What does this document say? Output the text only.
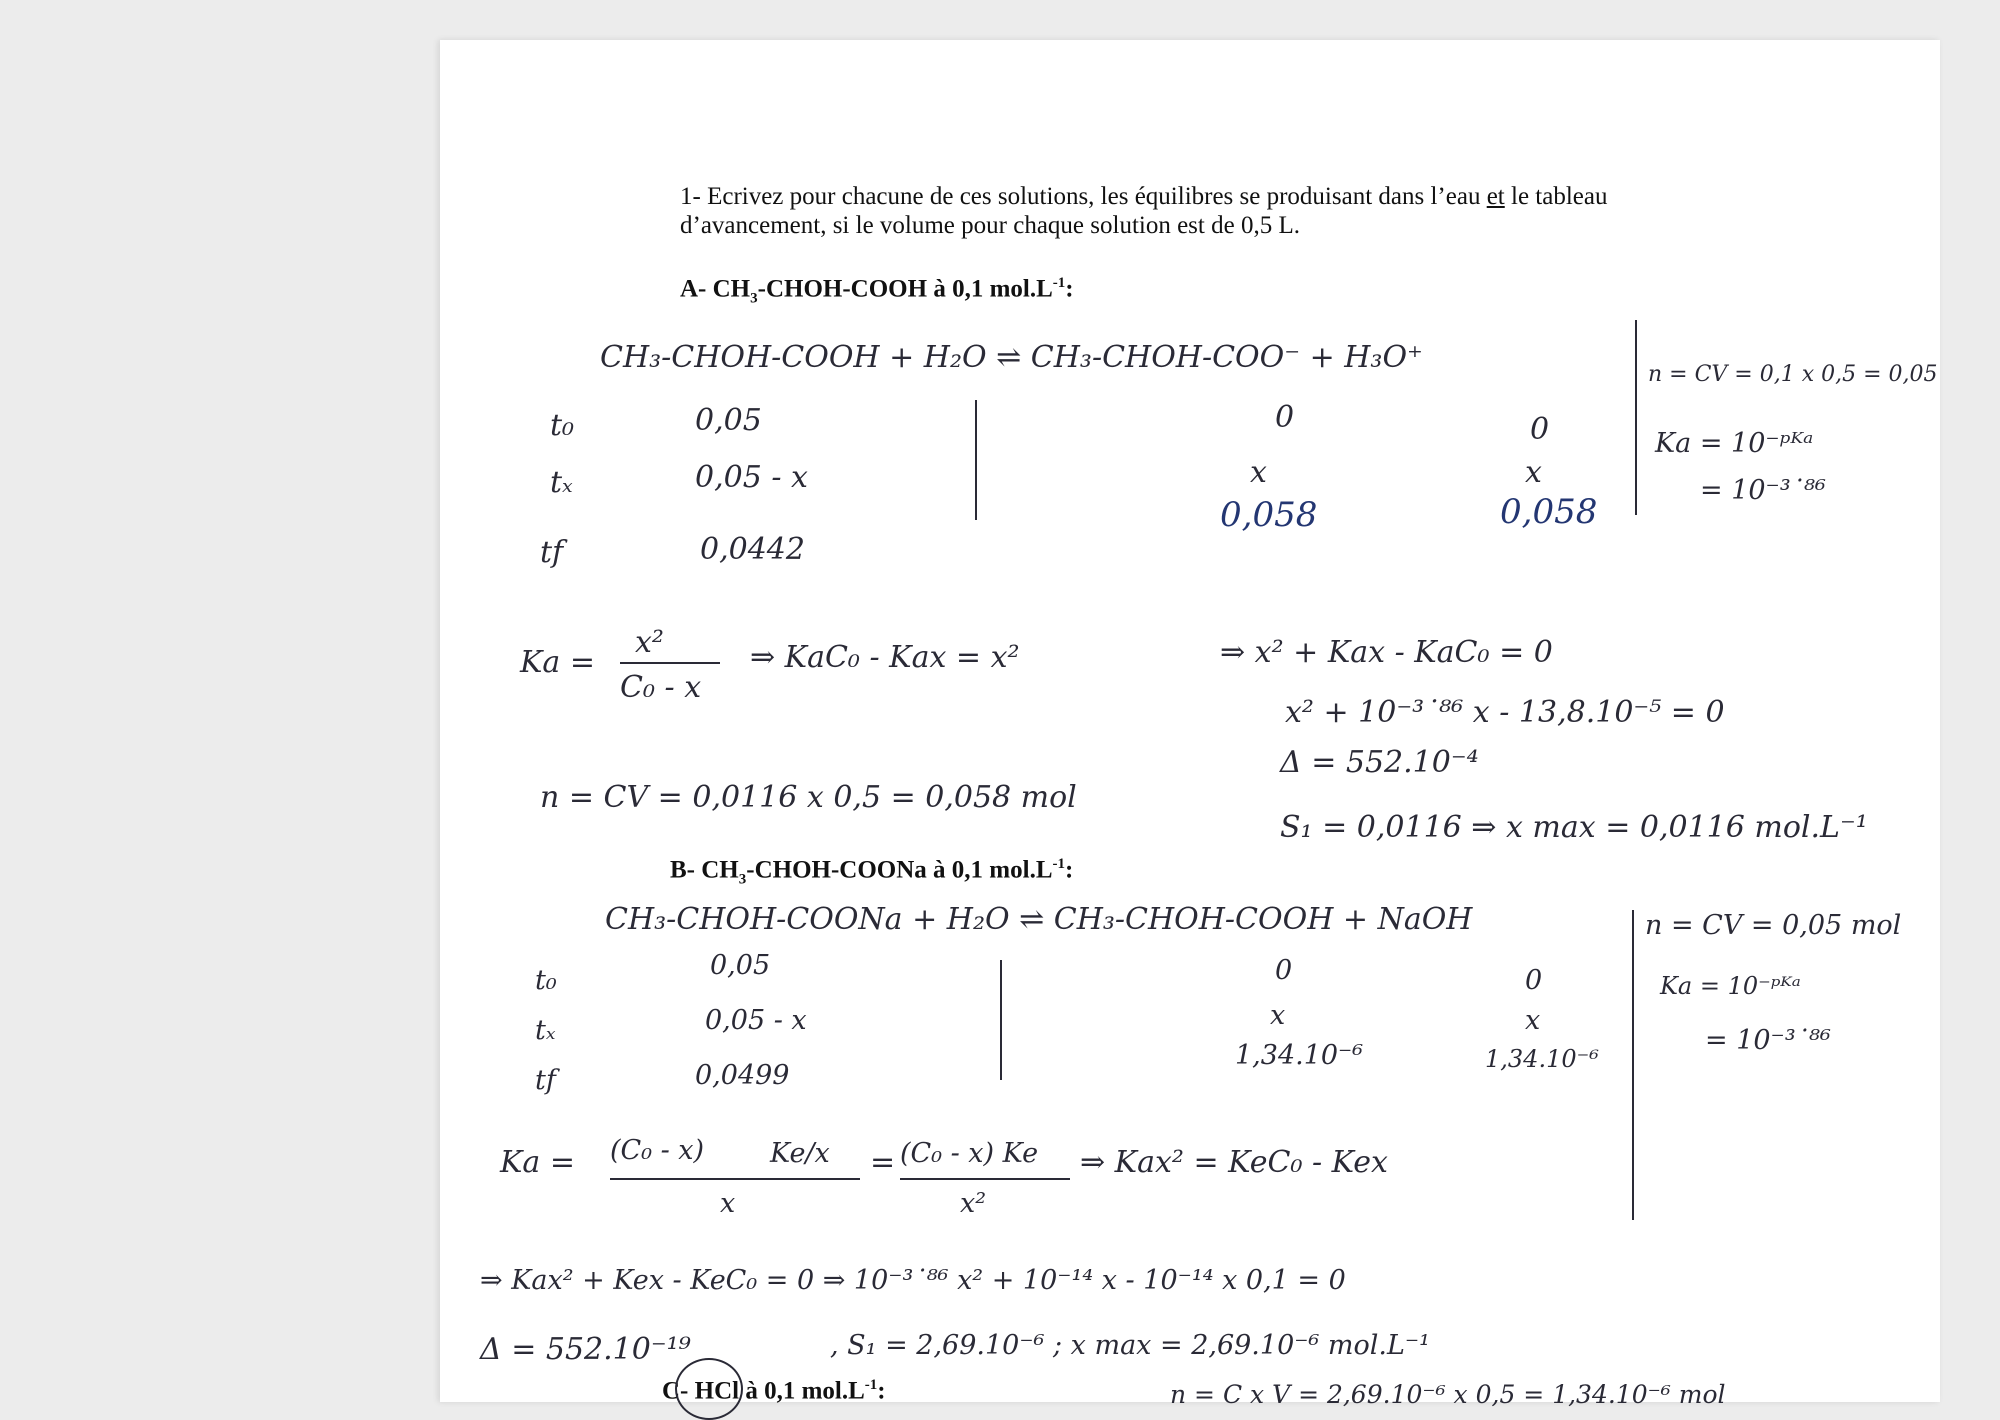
1- Ecrivez pour chacune de ces solutions, les équilibres se produisant dans l’eau et le tableau
d’avancement, si le volume pour chaque solution est de 0,5 L.
A- $CH_3-CHOH$-COOH à 0,1 $mol.L^{-1}$:
CH₃-CHOH-COOH + H₂O ⇌ CH₃-CHOH-COO⁻ + H₃O⁺
t₀
tₓ
tf
0,05
0,05 - x
0,0442
0
x
0,058
0
x
0,058
n = CV = 0,1 x 0,5 = 0,05
Ka = 10⁻ᵖᴷᵃ
= 10⁻³˙⁸⁶
Ka =
x²
C₀ - x
⇒ KaC₀ - Kax = x²	⇒ x² + Kax - KaC₀ = 0
x² + 10⁻³˙⁸⁶ x - 13,8.10⁻⁵ = 0
Δ = 552.10⁻⁴
n = CV = 0,0116 x 0,5 = 0,058 mol
S₁ = 0,0116 ⇒ x max = 0,0116 mol.L⁻¹
B- $CH_3-CHOH$-COONa à 0,1 $mol.L^{-1}$:
CH₃-CHOH-COONa + H₂O ⇌ CH₃-CHOH-COOH + NaOH
t₀
tₓ
tf
0,05
0,05 - x
0,0499
0
x
1,34.10⁻⁶
0
x
1,34.10⁻⁶
n = CV = 0,05 mol
Ka = 10⁻ᵖᴷᵃ
= 10⁻³˙⁸⁶
Ka = (C₀ - x) Ke/x
x
= (C₀ - x) Ke
x²
⇒ Kax² = KeC₀ - Kex
⇒ Kax² + Kex - KeC₀ = 0 ⇒ 10⁻³˙⁸⁶ x² + 10⁻¹⁴ x - 10⁻¹⁴ x 0,1 = 0
Δ = 552.10⁻¹⁹	, S₁ = 2,69.10⁻⁶ ; x max = 2,69.10⁻⁶ mol.L⁻¹
n = C x V = 2,69.10⁻⁶ x 0,5 = 1,34.10⁻⁶ mol
C- HCl à 0,1 $mol.L^{-1}$:
